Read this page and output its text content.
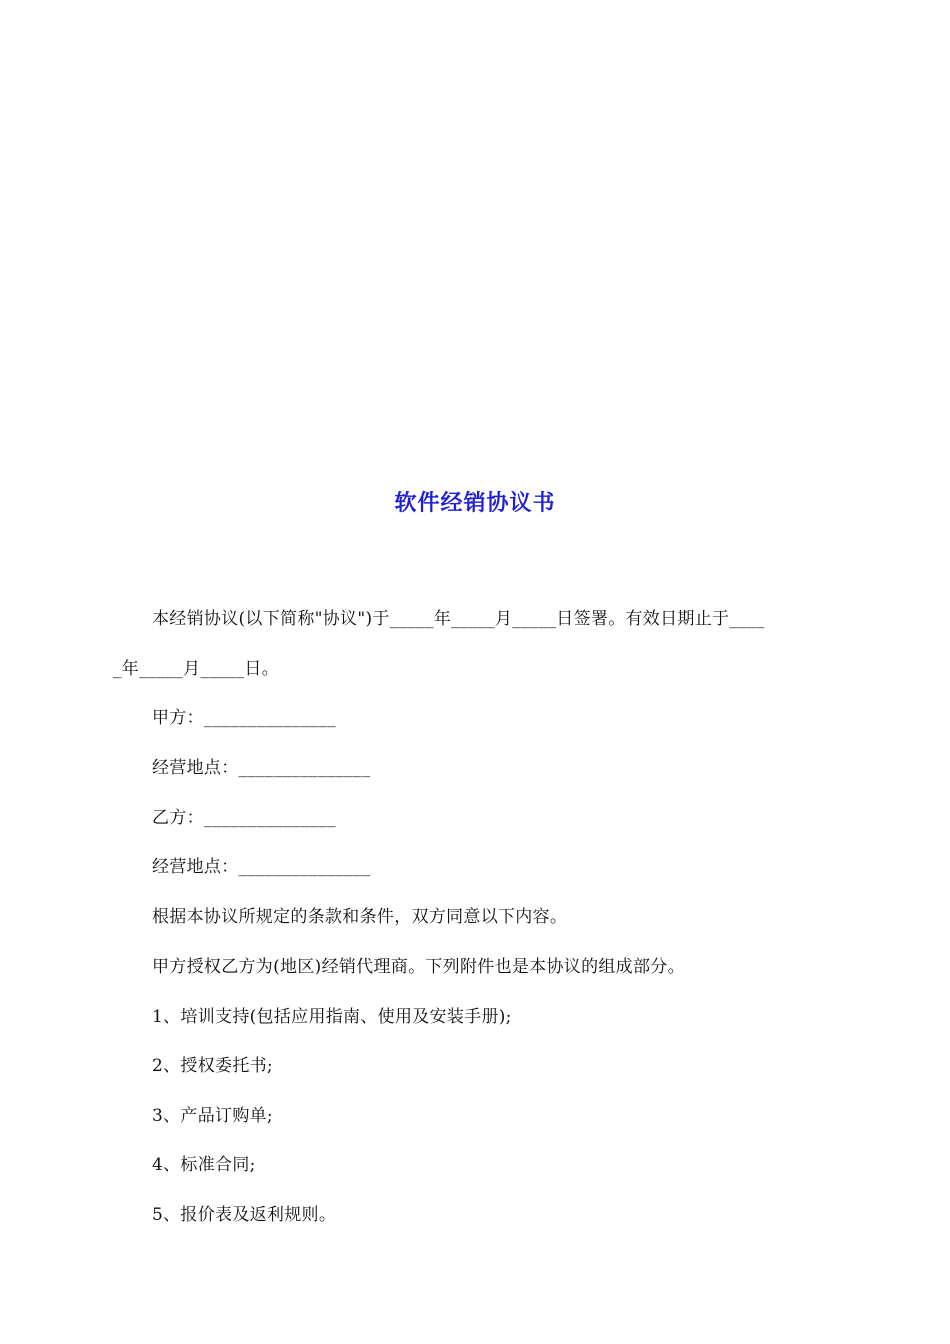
软件经销协议书
本经销协议(以下简称"协议")于_____年_____月_____日签署。有效日期止于____
_年_____月_____日。
甲方：_______________
经营地点：_______________
乙方：_______________
经营地点：_______________
根据本协议所规定的条款和条件，双方同意以下内容。
甲方授权乙方为(地区)经销代理商。下列附件也是本协议的组成部分。
1、培训支持(包括应用指南、使用及安装手册);
2、授权委托书;
3、产品订购单;
4、标准合同;
5、报价表及返利规则。
